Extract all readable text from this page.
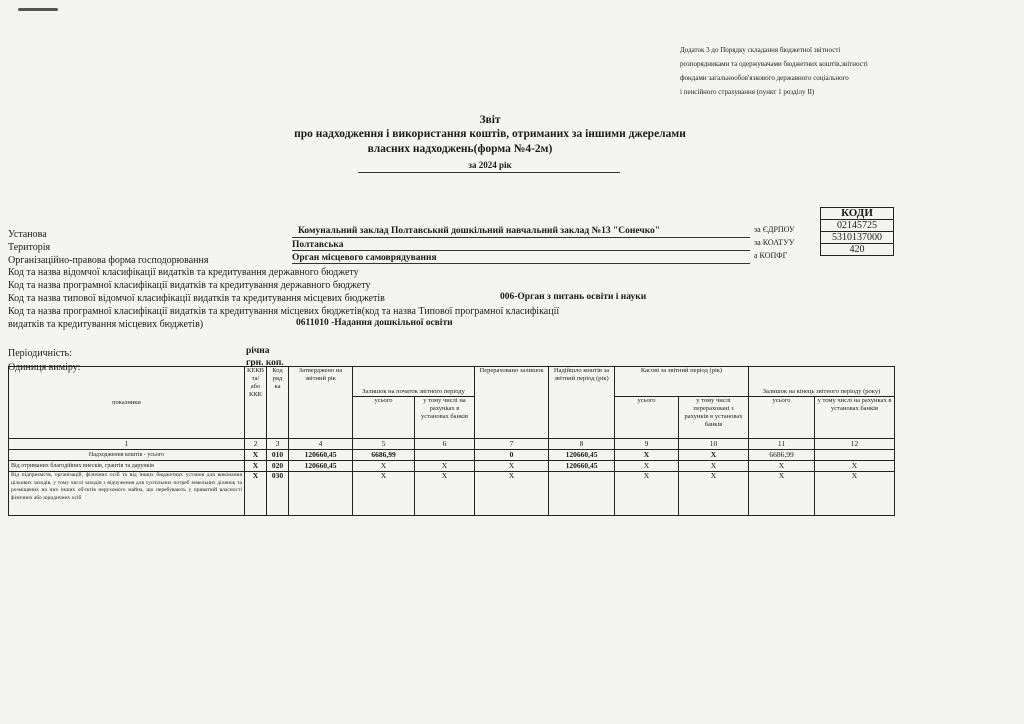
Додаток 3 до Порядку складання бюджетної звітності
розпорядниками та одержувачами бюджетних коштів,звітності
фондами загальнообов'язкового державного соціального
і пенсійного страхування (пункт 1 розділу ІІ)
Звіт
про надходження і використання коштів, отриманих за іншими джерелами
власних надходжень(форма №4-2м)
за 2024 рік
КОДИ
02145725
5310137000
420
за ЄДРПОУ
за КОАТУУ
а КОПФГ
Установа	Комунальний заклад Полтавський дошкільний навчальний заклад №13 "Сонечко"
Територія	Полтавська
Організаційно-правова форма господорювання	Орган місцевого самоврядування
Код та назва відомчої класифікації видатків та кредитування державного бюджету
Код та назва програмної класифікації видатків та кредитування державного бюджету
Код та назва типової відомчої класифікації видатків та кредитування місцевих бюджетів	006-Орган з питань освіти і науки
Код та назва програмної класифікації видатків та кредитування місцевих бюджетів(код та назва Типової програмної класифікації
видатків та кредитування місцевих бюджетів)	0611010 -Надання дошкільної освіти
Періодичність:	річна
Одиниця виміру:	грн. коп.
показники	КЕКВ та/або ККК	Код ряд ка	Затверджено на звітний рік	Залишок на початок звітного періоду		Перераховано залишок	Надійшло коштів за звітний період (рік)	Касові за звітний період (рік)		Залишок на кінець звітного періоду (року)	
				усього	у тому числі на рахунках в установах банків			усього	у тому числі перераховані з рахунків в установах банків	усього	у тому числі на рахунках в установах банків
1	2	3	4	5	6	7	8	9	10	11	12
Надходження коштів - усього	Х	010	120660,45	6686,99		0	120660,45	Х	Х	6686,99	
Від отриманих благодійних внесків, грантів та дарунків	Х	020	120660,45	Х	Х	Х	120660,45	Х	Х	Х	Х
Від підприємств, організацій, фізичних осіб та від інших бюджетних установ для виконання цільових заходів, у тому числі заходів з відчуження для суспільних потреб земельних ділянок та розміщених на них інших об'єктів нерухомого майна, що перебувають у приватній власності фізичних або юридичних осіб	Х	030		Х	Х	Х		Х	Х	Х	Х
